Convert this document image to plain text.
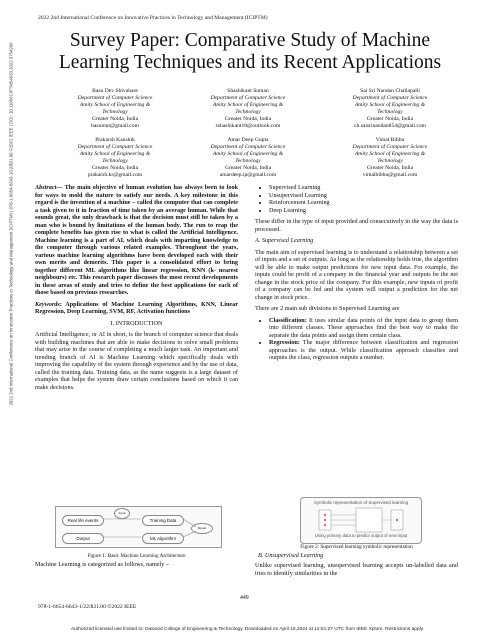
2022 2nd International Conference on Innovative Practices in Technology and Management (ICIPTM)
Survey Paper: Comparative Study of Machine
Learning Techniques and its Recent Applications
2022 2nd International Conference on Innovative Practices in Technology and Management (ICIPTM) | 978-1-6654-6643-1/22/$31.00 ©2022 IEEE | DOI: 10.1109/ICIPTM54933.2022.9754206	Basu Dev Shivahare
Department of Computer Science
Amity School of Engineering &
Technology
Greater Noida, India
basuinnt@gmail.com
Shashikant Suman
Department of Computer Science
Amity School of Engineering &
Technology
Greater Noida, India
sshashikant18@outlook.com
Sai Sri Nandan Challapalli
Department of Computer Science
Amity School of Engineering &
Technology
Greater Noida, India
ch.saisrinandan854@gmail.com
Prakarsh Kaushik
Department of Computer Science
Amity School of Engineering &
Technology
Greater Noida, India
prakarsh.kr@gmail.com
Amar Deep Gupta
Department of Computer Science
Amity School of Engineering &
Technology
Greater Noida, India
amardeep.ip@gmail.com
Vimal Bibhu
Department of Computer Science
Amity School of Engineering &
Technology
Greater Noida, India
vimalbibhu@gmail.com

Abstract— The main objective of human evolution has always been to look for ways to mold the nature to satisfy our needs. A key milestone in this regard is the invention of a machine – called the computer that can complete a task given to it in fraction of time taken by an average human. While that sounds great, the only drawback is that the decision must still be taken by a man who is bound by limitations of the human body. The run to reap the complete benefits has given rise to what is called the Artificial Intelligence. Machine learning is a part of AI, which deals with imparting knowledge to the computer through various related examples. Throughout the years, various machine learning algorithms have been developed each with their own merits and demerits. This paper is a consolidated effort to bring together different ML algorithms like linear regression, KNN (k- nearest neighbours) etc. This research paper discusses the most recent developments in these areas of study and tries to define the best applications for each of those based on previous researches.

Keywords: Applications of Machine Learning Algorithms, KNN, Linear Regression, Deep Learning, SVM, RF, Activation functions

I. INTRODUCTION

Artificial Intelligence, or AI in short, is the branch of computer science that deals with building machines that are able to make decisions to solve small problems that may arise in the course of completing a much larger task. An important and trending branch of AI is Machine Learning which specifically deals with improving the capability of the system through experience and by the use of data, called the training data. Training data, as the name suggests is a large dataset of examples that helps the system draw certain conclusions based on which it can make decisions.

Real life events	Training Data
Output	ML Algorithm
Input
Model
Figure 1: Basic Machine Learning Architecture
Machine Learning is categorized as follows, namely –
• Supervised Learning
• Unsupervised Learning
• Reinforcement Learning
• Deep Learning

These differ in the type of input provided and consecutively in the way the data is processed.

A. Supervised Learning

The main aim of supervised learning is to understand a relationship between a set of inputs and a set of outputs. As long as the relationship holds true, the algorithm will be able to make output predictions for new input data. For example, the inputs could be profit of a company in the financial year and outputs be the net change in the stock price of the company. For this example, new inputs of profit of a company can be fed and the system will output a prediction for the net change in stock price.

There are 2 main sub divisions to Supervised Learning are

• Classification: It uses similar data points of the input data to group them into different classes. These approaches find the best way to make the separate the data points and assign them certain class.
• Regression: The major difference between classification and regression approaches is the output. While classification approach classifies and outputs the class, regression outputs a number.
Symbolic representation of Supervised learning
Using primary data to predict output of new input
Figure 2: Supervised learning symbolic representation
B. Unsupervised Learning
Unlike supervised learning, unsupervised learning accepts un-labelled data and tries to identify similarities in the
449
978-1-6654-6643-1/22/$31.00 ©2022 IEEE
Authorized licensed use limited to: Dawood College of Engineering & Technology. Downloaded on April 18,2024 at 12:51:27 UTC from IEEE Xplore. Restrictions apply.
